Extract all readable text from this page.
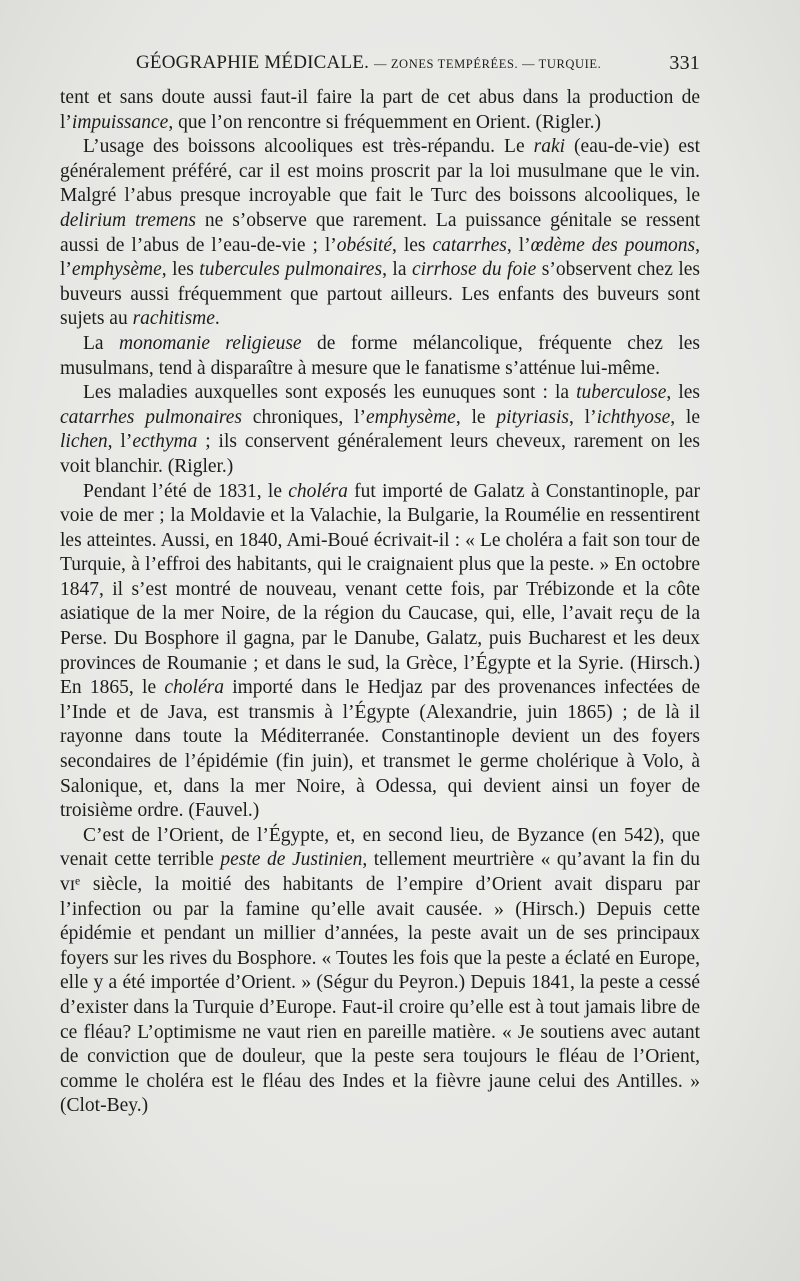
GÉOGRAPHIE MÉDICALE. — ZONES TEMPÉRÉES. — TURQUIE.	331

tent et sans doute aussi faut-il faire la part de cet abus dans la production de l’impuissance, que l’on rencontre si fréquemment en Orient. (Rigler.)

L’usage des boissons alcooliques est très-répandu. Le raki (eau-de-vie) est généralement préféré, car il est moins proscrit par la loi musulmane que le vin. Malgré l’abus presque incroyable que fait le Turc des boissons alcooliques, le delirium tremens ne s’observe que rarement. La puissance génitale se ressent aussi de l’abus de l’eau-de-vie ; l’obésité, les catarrhes, l’œdème des poumons, l’emphysème, les tubercules pulmonaires, la cirrhose du foie s’observent chez les buveurs aussi fréquemment que partout ailleurs. Les enfants des buveurs sont sujets au rachitisme.

La monomanie religieuse de forme mélancolique, fréquente chez les musulmans, tend à disparaître à mesure que le fanatisme s’atténue lui-même.

Les maladies auxquelles sont exposés les eunuques sont : la tuberculose, les catarrhes pulmonaires chroniques, l’emphysème, le pityriasis, l’ichthyose, le lichen, l’ecthyma ; ils conservent généralement leurs cheveux, rarement on les voit blanchir. (Rigler.)

Pendant l’été de 1831, le choléra fut importé de Galatz à Constantinople, par voie de mer ; la Moldavie et la Valachie, la Bulgarie, la Roumélie en ressentirent les atteintes. Aussi, en 1840, Ami-Boué écrivait-il : « Le choléra a fait son tour de Turquie, à l’effroi des habitants, qui le craignaient plus que la peste. » En octobre 1847, il s’est montré de nouveau, venant cette fois, par Trébizonde et la côte asiatique de la mer Noire, de la région du Caucase, qui, elle, l’avait reçu de la Perse. Du Bosphore il gagna, par le Danube, Galatz, puis Bucharest et les deux provinces de Roumanie ; et dans le sud, la Grèce, l’Égypte et la Syrie. (Hirsch.) En 1865, le choléra importé dans le Hedjaz par des provenances infectées de l’Inde et de Java, est transmis à l’Égypte (Alexandrie, juin 1865) ; de là il rayonne dans toute la Méditerranée. Constantinople devient un des foyers secondaires de l’épidémie (fin juin), et transmet le germe cholérique à Volo, à Salonique, et, dans la mer Noire, à Odessa, qui devient ainsi un foyer de troisième ordre. (Fauvel.)

C’est de l’Orient, de l’Égypte, et, en second lieu, de Byzance (en 542), que venait cette terrible peste de Justinien, tellement meurtrière « qu’avant la fin du vɪᵉ siècle, la moitié des habitants de l’empire d’Orient avait disparu par l’infection ou par la famine qu’elle avait causée. » (Hirsch.) Depuis cette épidémie et pendant un millier d’années, la peste avait un de ses principaux foyers sur les rives du Bosphore. « Toutes les fois que la peste a éclaté en Europe, elle y a été importée d’Orient. » (Ségur du Peyron.) Depuis 1841, la peste a cessé d’exister dans la Turquie d’Europe. Faut-il croire qu’elle est à tout jamais libre de ce fléau? L’optimisme ne vaut rien en pareille matière. « Je soutiens avec autant de conviction que de douleur, que la peste sera toujours le fléau de l’Orient, comme le choléra est le fléau des Indes et la fièvre jaune celui des Antilles. » (Clot-Bey.)
